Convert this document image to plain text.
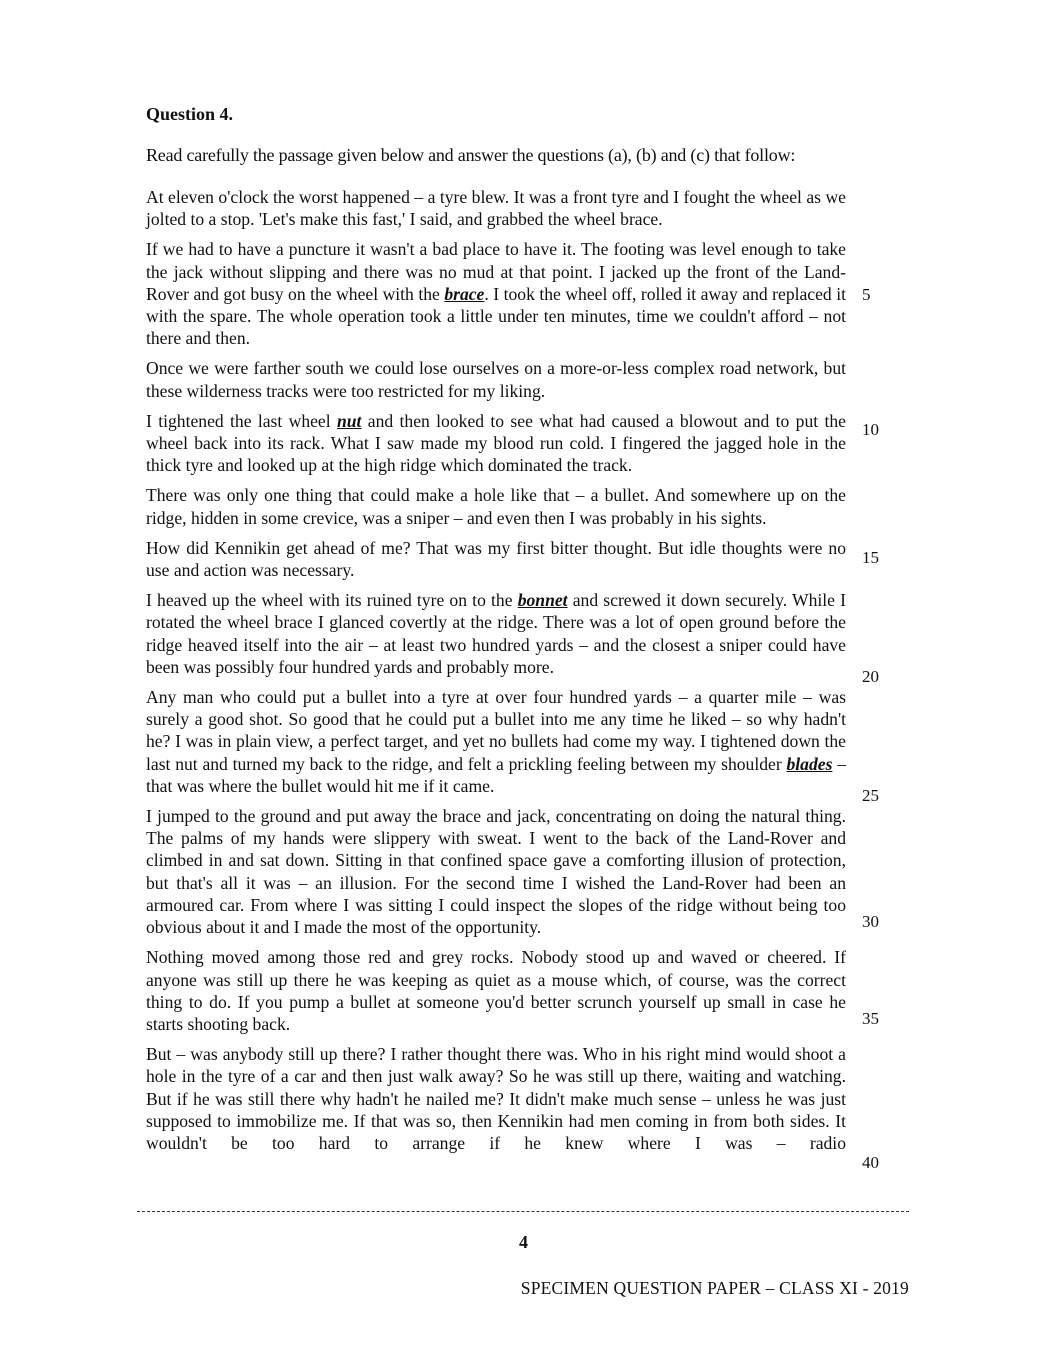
Question 4.
Read carefully the passage given below and answer the questions (a), (b) and (c) that follow:

At eleven o'clock the worst happened – a tyre blew. It was a front tyre and I fought the wheel as we jolted to a stop. 'Let's make this fast,' I said, and grabbed the wheel brace.

If we had to have a puncture it wasn't a bad place to have it. The footing was level enough to take the jack without slipping and there was no mud at that point. I jacked up the front of the Land-Rover and got busy on the wheel with the brace. I took the wheel off, rolled it away and replaced it with the spare. The whole operation took a little under ten minutes, time we couldn't afford – not there and then.

Once we were farther south we could lose ourselves on a more-or-less complex road network, but these wilderness tracks were too restricted for my liking.

I tightened the last wheel nut and then looked to see what had caused a blowout and to put the wheel back into its rack. What I saw made my blood run cold. I fingered the jagged hole in the thick tyre and looked up at the high ridge which dominated the track.

There was only one thing that could make a hole like that – a bullet. And somewhere up on the ridge, hidden in some crevice, was a sniper – and even then I was probably in his sights.

How did Kennikin get ahead of me? That was my first bitter thought. But idle thoughts were no use and action was necessary.

I heaved up the wheel with its ruined tyre on to the bonnet and screwed it down securely. While I rotated the wheel brace I glanced covertly at the ridge. There was a lot of open ground before the ridge heaved itself into the air – at least two hundred yards – and the closest a sniper could have been was possibly four hundred yards and probably more.

Any man who could put a bullet into a tyre at over four hundred yards – a quarter mile – was surely a good shot. So good that he could put a bullet into me any time he liked – so why hadn't he? I was in plain view, a perfect target, and yet no bullets had come my way. I tightened down the last nut and turned my back to the ridge, and felt a prickling feeling between my shoulder blades – that was where the bullet would hit me if it came.

I jumped to the ground and put away the brace and jack, concentrating on doing the natural thing. The palms of my hands were slippery with sweat. I went to the back of the Land-Rover and climbed in and sat down. Sitting in that confined space gave a comforting illusion of protection, but that's all it was – an illusion. For the second time I wished the Land-Rover had been an armoured car. From where I was sitting I could inspect the slopes of the ridge without being too obvious about it and I made the most of the opportunity.

Nothing moved among those red and grey rocks. Nobody stood up and waved or cheered. If anyone was still up there he was keeping as quiet as a mouse which, of course, was the correct thing to do. If you pump a bullet at someone you'd better scrunch yourself up small in case he starts shooting back.

But – was anybody still up there? I rather thought there was. Who in his right mind would shoot a hole in the tyre of a car and then just walk away? So he was still up there, waiting and watching. But if he was still there why hadn't he nailed me? It didn't make much sense – unless he was just supposed to immobilize me. If that was so, then Kennikin had men coming in from both sides. It wouldn't be too hard to arrange if he knew where I was – radio

5
10
15
20
25
30
35
40
4
SPECIMEN QUESTION PAPER – CLASS XI - 2019
